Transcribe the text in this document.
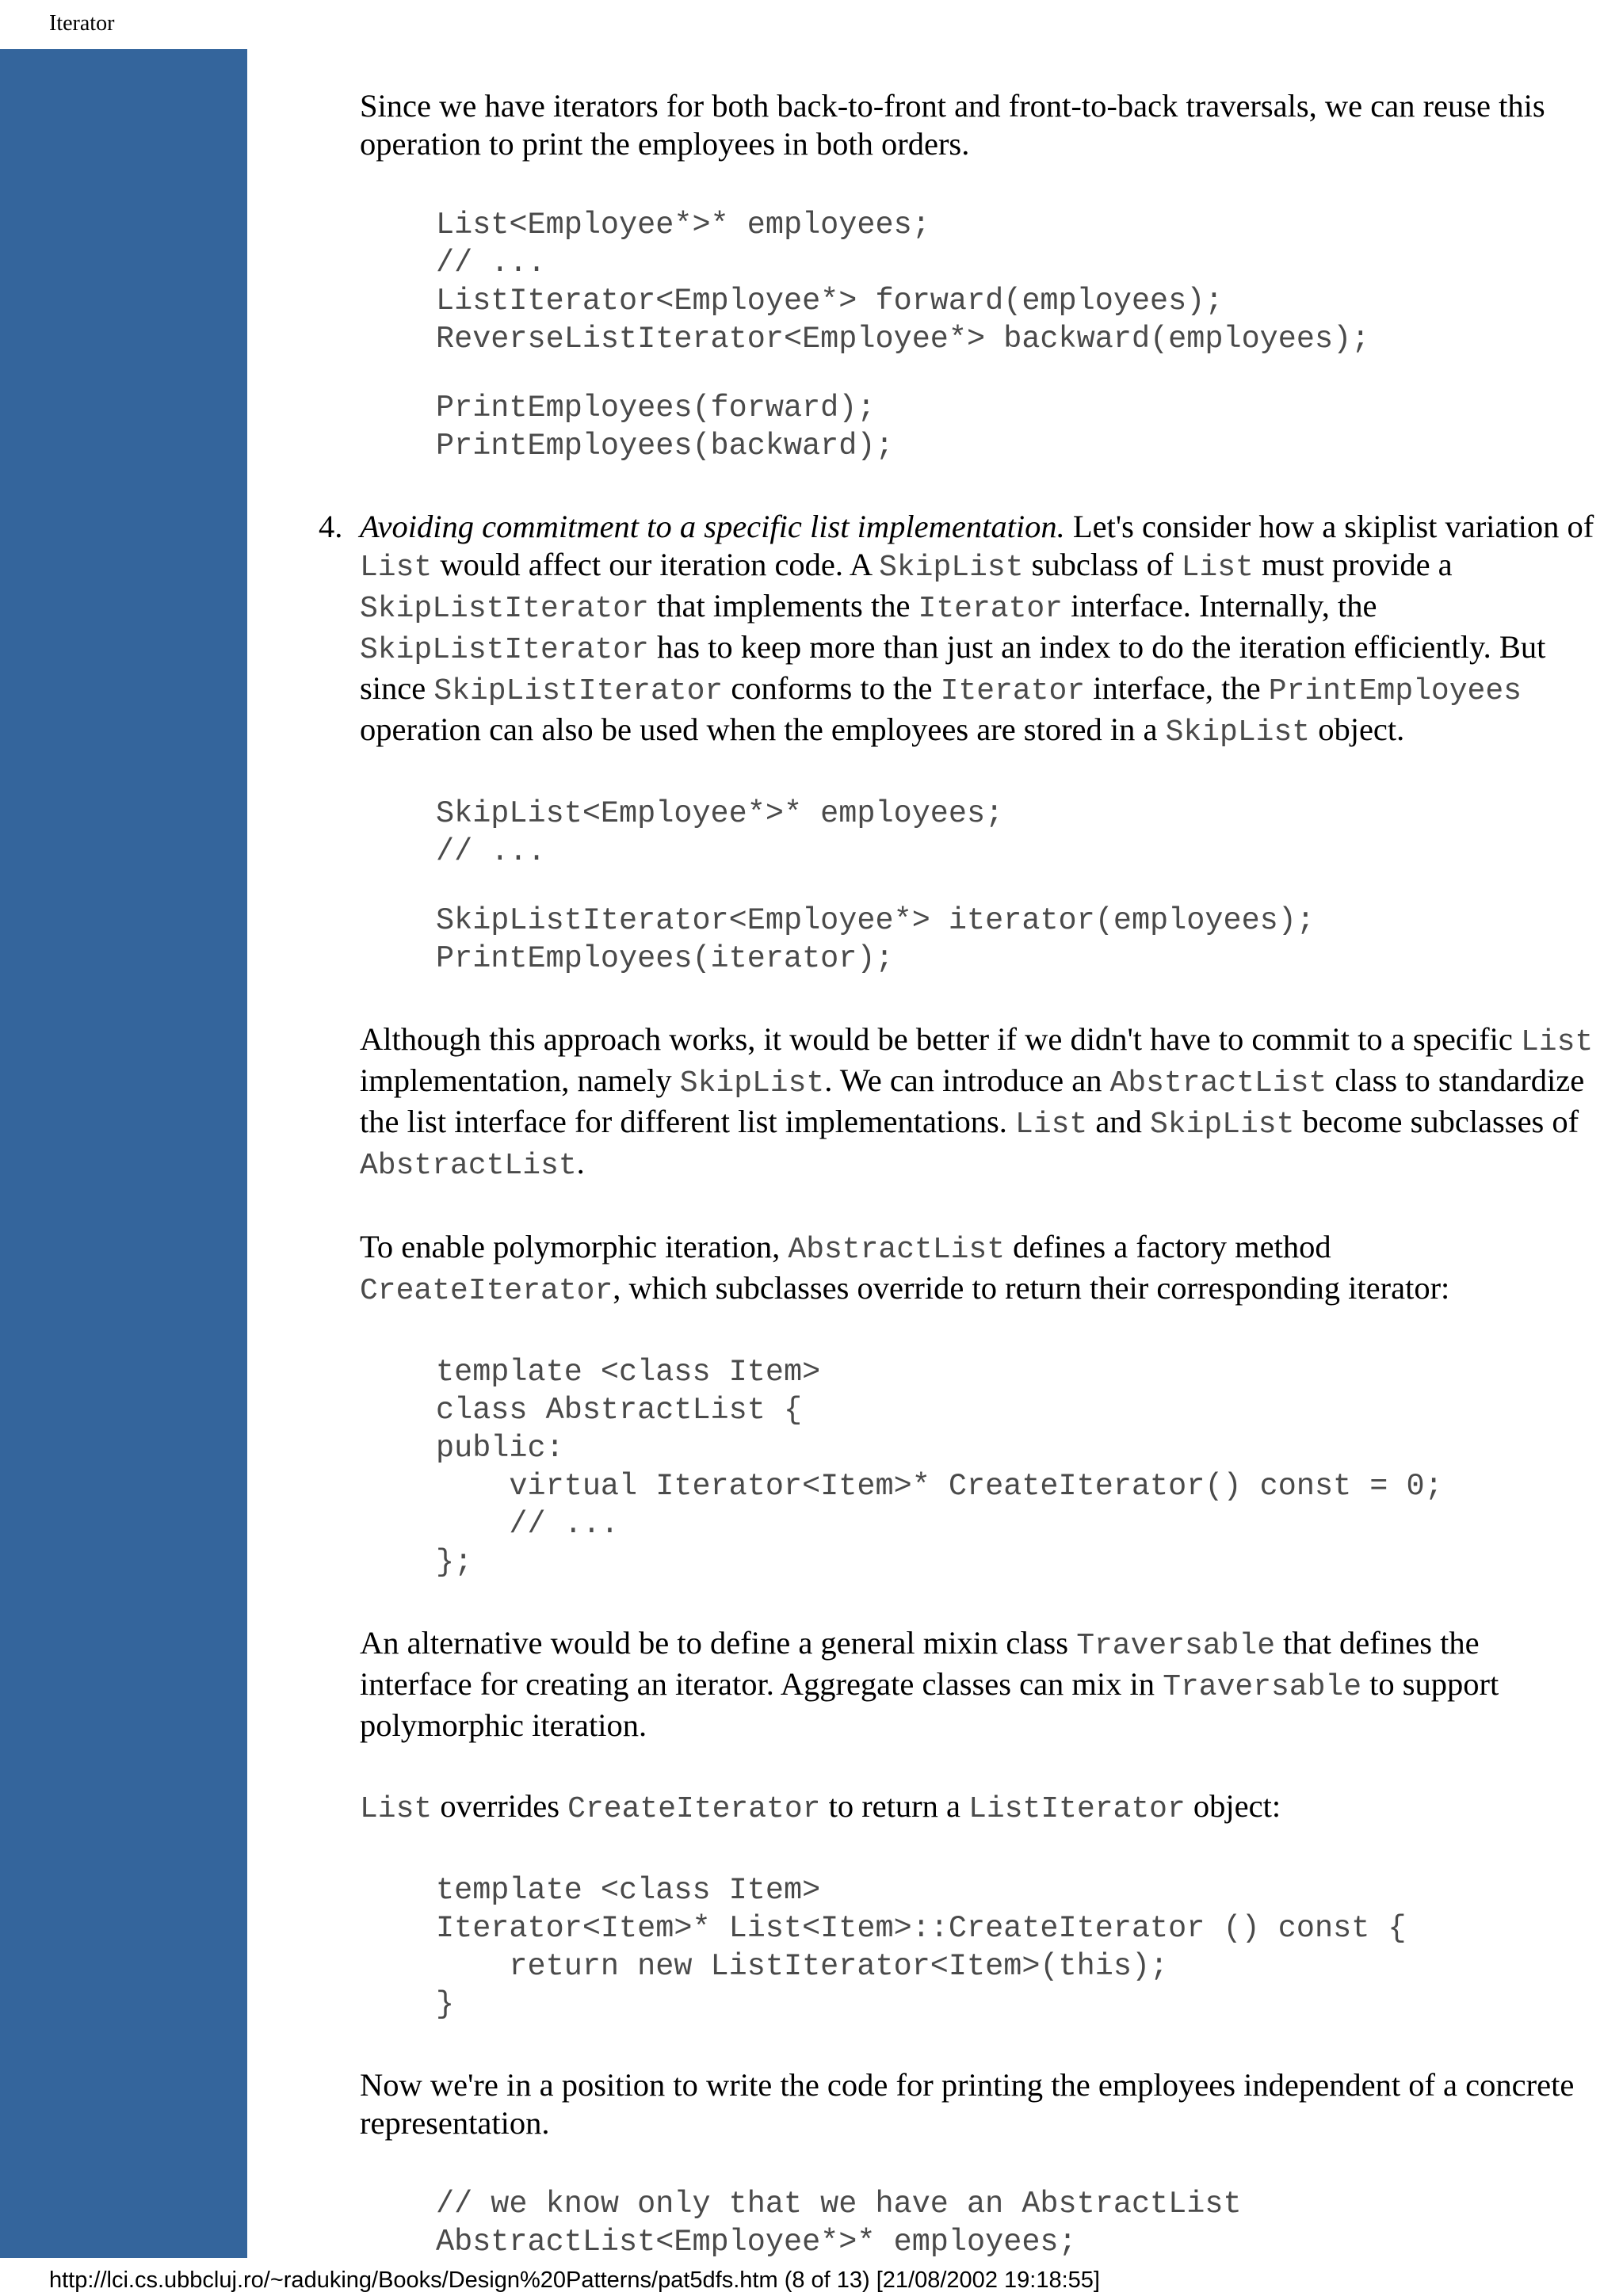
Iterator

Since we have iterators for both back-to-front and front-to-back traversals, we can reuse this operation to print the employees in both orders.

List<Employee*>* employees;
// ...
ListIterator<Employee*> forward(employees);
ReverseListIterator<Employee*> backward(employees);
PrintEmployees(forward);
PrintEmployees(backward);
4. Avoiding commitment to a specific list implementation. Let's consider how a skiplist variation of List would affect our iteration code. A SkipList subclass of List must provide a SkipListIterator that implements the Iterator interface. Internally, the SkipListIterator has to keep more than just an index to do the iteration efficiently. But since SkipListIterator conforms to the Iterator interface, the PrintEmployees operation can also be used when the employees are stored in a SkipList object.
SkipList<Employee*>* employees;
// ...
SkipListIterator<Employee*> iterator(employees);
PrintEmployees(iterator);

Although this approach works, it would be better if we didn't have to commit to a specific List implementation, namely SkipList. We can introduce an AbstractList class to standardize the list interface for different list implementations. List and SkipList become subclasses of AbstractList.

To enable polymorphic iteration, AbstractList defines a factory method CreateIterator, which subclasses override to return their corresponding iterator:

template <class Item>
class AbstractList {
public:
virtual Iterator<Item>* CreateIterator() const = 0;
// ...
};

An alternative would be to define a general mixin class Traversable that defines the interface for creating an iterator. Aggregate classes can mix in Traversable to support polymorphic iteration.

List overrides CreateIterator to return a ListIterator object:

template <class Item>
Iterator<Item>* List<Item>::CreateIterator () const {
return new ListIterator<Item>(this);
}

Now we're in a position to write the code for printing the employees independent of a concrete representation.

// we know only that we have an AbstractList
AbstractList<Employee*>* employees;
http://lci.cs.ubbcluj.ro/~raduking/Books/Design%20Patterns/pat5dfs.htm (8 of 13) [21/08/2002 19:18:55]
